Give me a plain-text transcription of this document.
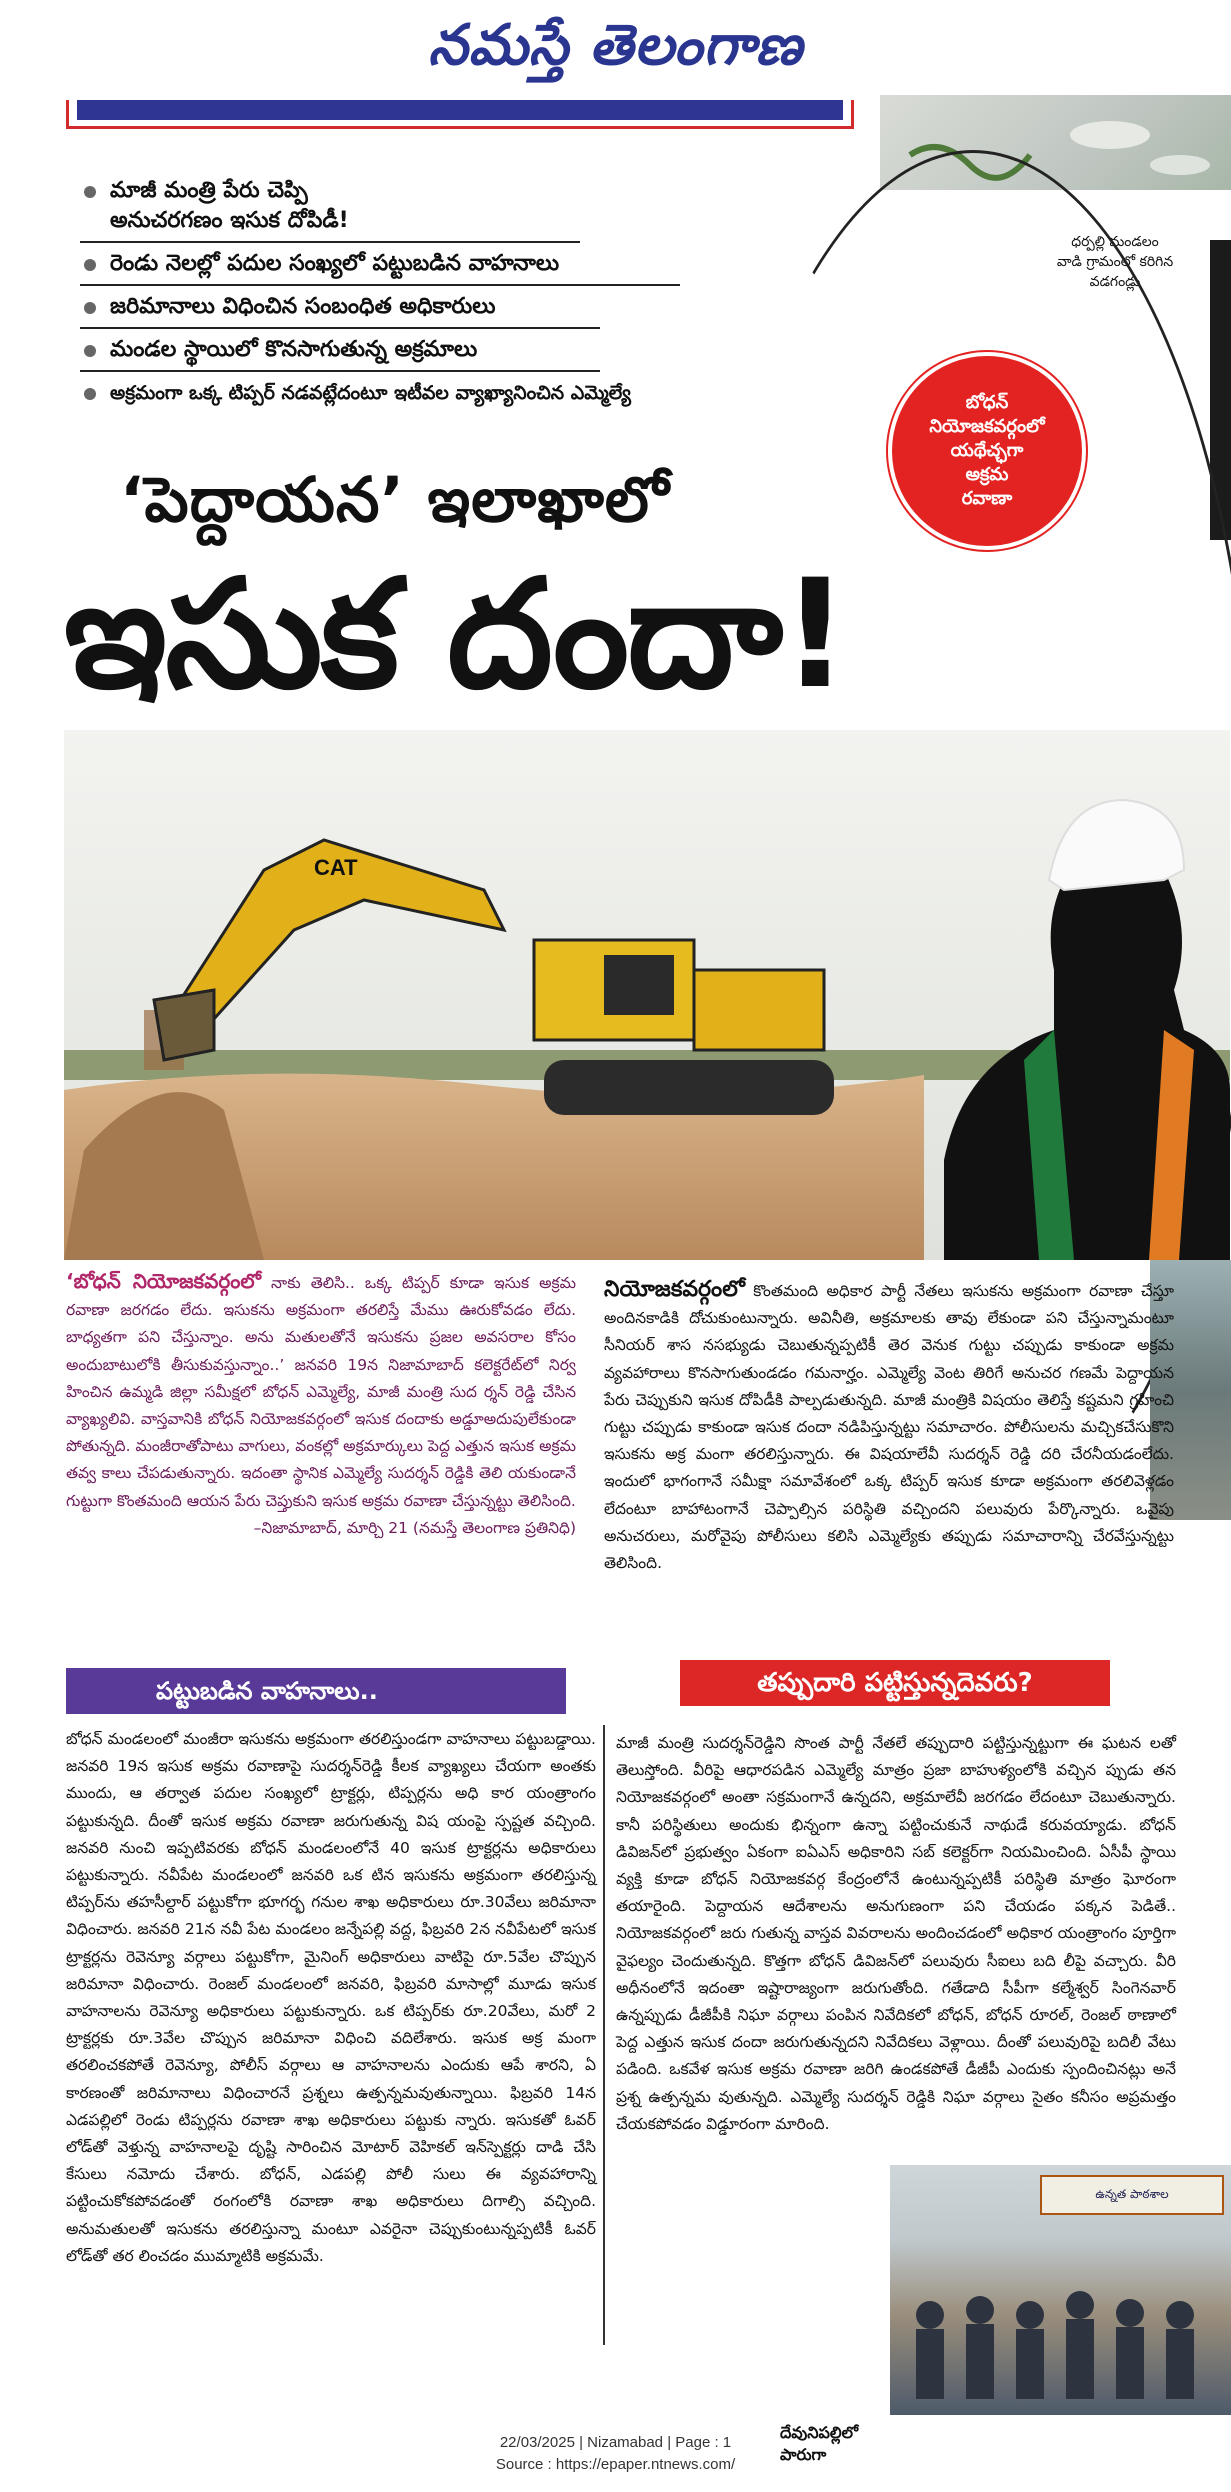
నమస్తే తెలంగాణ
ధర్పల్లి మండలం
వాడి గ్రామంలో కరిగిన
వడగండ్లు
మాజీ మంత్రి పేరు చెప్పి
అనుచరగణం ఇసుక దోపిడీ!
రెండు నెలల్లో పదుల సంఖ్యలో పట్టుబడిన వాహనాలు
జరిమానాలు విధించిన సంబంధిత అధికారులు
మండల స్థాయిలో కొనసాగుతున్న అక్రమాలు
అక్రమంగా ఒక్క టిప్పర్ నడవట్లేదంటూ ఇటీవల వ్యాఖ్యానించిన ఎమ్మెల్యే	బోధన్
నియోజకవర్గంలో
యథేచ్ఛగా
అక్రమ
రవాణా
‘పెద్దాయన’ ఇలాఖాలో
ఇసుక దందా!
CAT
‘బోధన్ నియోజకవర్గంలో నాకు తెలిసి.. ఒక్క టిప్పర్ కూడా ఇసుక అక్రమ రవాణా జరగడం లేదు. ఇసుకను అక్రమంగా తరలిస్తే మేము ఊరుకోవడం లేదు. బాధ్యతగా పని చేస్తున్నాం. అను మతులతోనే ఇసుకను ప్రజల అవసరాల కోసం అందుబాటులోకి తీసుకువస్తున్నాం..’ జనవరి 19న నిజామాబాద్ కలెక్టరేట్‌లో నిర్వ హించిన ఉమ్మడి జిల్లా సమీక్షలో బోధన్ ఎమ్మెల్యే, మాజీ మంత్రి సుద ర్శన్ రెడ్డి చేసిన వ్యాఖ్యలివి. వాస్తవానికి బోధన్ నియోజకవర్గంలో ఇసుక దందాకు అడ్డూఅదుపులేకుండా పోతున్నది. మంజీరాతోపాటు వాగులు, వంకల్లో అక్రమార్కులు పెద్ద ఎత్తున ఇసుక అక్రమ తవ్వ కాలు చేపడుతున్నారు. ఇదంతా స్థానిక ఎమ్మెల్యే సుదర్శన్ రెడ్డికి తెలి యకుండానే గుట్టుగా కొంతమంది ఆయన పేరు చెప్తుకుని ఇసుక అక్రమ రవాణా చేస్తున్నట్టు తెలిసింది.
–నిజామాబాద్, మార్చి 21 (నమస్తే తెలంగాణ ప్రతినిధి)
నియోజకవర్గంలో కొంతమంది అధికార పార్టీ నేతలు ఇసుకను అక్రమంగా రవాణా చేస్తూ అందినకాడికి దోచుకుంటున్నారు. అవినీతి, అక్రమాలకు తావు లేకుండా పని చేస్తున్నామంటూ సీనియర్ శాస నసభ్యుడు చెబుతున్నప్పటికీ తెర వెనుక గుట్టు చప్పుడు కాకుండా అక్రమ వ్యవహారాలు కొనసాగుతుండడం గమనార్హం. ఎమ్మెల్యే వెంట తిరిగే అనుచర గణమే పెద్దాయన పేరు చెప్పుకుని ఇసుక దోపిడీకి పాల్పడుతున్నది. మాజీ మంత్రికి విషయం తెలిస్తే కష్టమని గ్రహించి గుట్టు చప్పుడు కాకుండా ఇసుక దందా నడిపిస్తున్నట్టు సమాచారం. పోలీసులను మచ్చికచేసుకొని ఇసుకను అక్ర మంగా తరలిస్తున్నారు. ఈ విషయాలేవీ సుదర్శన్ రెడ్డి దరి చేరనీయడంలేదు. ఇందులో భాగంగానే సమీక్షా సమావేశంలో ఒక్క టిప్పర్ ఇసుక కూడా అక్రమంగా తరలివెళ్లడం లేదంటూ బాహాటంగానే చెప్పాల్సిన పరిస్థితి వచ్చిందని పలువురు పేర్కొన్నారు. ఒవైపు అనుచరులు, మరోవైపు పోలీసులు కలిసి ఎమ్మెల్యేకు తప్పుడు సమాచారాన్ని చేరవేస్తున్నట్టు తెలిసింది.
పట్టుబడిన వాహనాలు..	తప్పుదారి పట్టిస్తున్నదెవరు?
బోధన్ మండలంలో మంజీరా ఇసుకను అక్రమంగా తరలిస్తుండగా వాహనాలు పట్టుబడ్డాయి. జనవరి 19న ఇసుక అక్రమ రవాణాపై సుదర్శన్‌రెడ్డి కీలక వ్యాఖ్యలు చేయగా అంతకు ముందు, ఆ తర్వాత పదుల సంఖ్యలో ట్రాక్టర్లు, టిప్పర్లను అధి కార యంత్రాంగం పట్టుకున్నది. దీంతో ఇసుక అక్రమ రవాణా జరుగుతున్న విష యంపై స్పష్టత వచ్చింది. జనవరి నుంచి ఇప్పటివరకు బోధన్ మండలంలోనే 40 ఇసుక ట్రాక్టర్లను అధికారులు పట్టుకున్నారు. నవీపేట మండలంలో జనవరి ఒక టిన ఇసుకను అక్రమంగా తరలిస్తున్న టిప్పర్‌ను తహసీల్దార్ పట్టుకోగా భూగర్భ గనుల శాఖ అధికారులు రూ.30వేలు జరిమానా విధించారు. జనవరి 21న నవీ పేట మండలం జన్నేపల్లి వద్ద, ఫిబ్రవరి 2న నవీపేటలో ఇసుక ట్రాక్టర్లను రెవెన్యూ వర్గాలు పట్టుకోగా, మైనింగ్ అధికారులు వాటిపై రూ.5వేల చొప్పున జరిమానా విధించారు. రెంజల్ మండలంలో జనవరి, ఫిబ్రవరి మాసాల్లో మూడు ఇసుక వాహనాలను రెవెన్యూ అధికారులు పట్టుకున్నారు. ఒక టిప్పర్‌కు రూ.20వేలు, మరో 2 ట్రాక్టర్లకు రూ.3వేల చొప్పున జరిమానా విధించి వదిలేశారు. ఇసుక అక్ర మంగా తరలించకపోతే రెవెన్యూ, పోలీస్ వర్గాలు ఆ వాహనాలను ఎందుకు ఆపే శారని, ఏ కారణంతో జరిమానాలు విధించారనే ప్రశ్నలు ఉత్పన్నమవుతున్నాయి. ఫిబ్రవరి 14న ఎడపల్లిలో రెండు టిప్పర్లను రవాణా శాఖ అధికారులు పట్టుకు న్నారు. ఇసుకతో ఓవర్ లోడ్‌తో వెళ్తున్న వాహనాలపై దృష్టి సారించిన మోటార్ వెహికల్ ఇన్‌స్పెక్టర్లు దాడి చేసి కేసులు నమోదు చేశారు. బోధన్, ఎడపల్లి పోలీ సులు ఈ వ్యవహారాన్ని పట్టించుకోకపోవడంతో రంగంలోకి రవాణా శాఖ అధికారులు దిగాల్సి వచ్చింది. అనుమతులతో ఇసుకను తరలిస్తున్నా మంటూ ఎవరైనా చెప్పుకుంటున్నప్పటికీ ఓవర్ లోడ్‌తో తర లించడం ముమ్మాటికి అక్రమమే.
మాజీ మంత్రి సుదర్శన్‌రెడ్డిని సొంత పార్టీ నేతలే తప్పుదారి పట్టిస్తున్నట్టుగా ఈ ఘటన లతో తెలుస్తోంది. వీరిపై ఆధారపడిన ఎమ్మెల్యే మాత్రం ప్రజా బాహుళ్యంలోకి వచ్చిన ప్పుడు తన నియోజకవర్గంలో అంతా సక్రమంగానే ఉన్నదని, అక్రమాలేవీ జరగడం లేదంటూ చెబుతున్నారు. కానీ పరిస్థితులు అందుకు భిన్నంగా ఉన్నా పట్టించుకునే నాథుడే కరువయ్యాడు. బోధన్ డివిజన్‌లో ప్రభుత్వం ఏకంగా ఐఏఎస్ అధికారిని సబ్ కలెక్టర్‌గా నియమించింది. ఏసీపీ స్థాయి వ్యక్తి కూడా బోధన్ నియోజకవర్గ కేంద్రంలోనే ఉంటున్నప్పటికీ పరిస్థితి మాత్రం ఘోరంగా తయారైంది. పెద్దాయన ఆదేశాలను అనుగుణంగా పని చేయడం పక్కన పెడితే.. నియోజకవర్గంలో జరు గుతున్న వాస్తవ వివరాలను అందించడంలో అధికార యంత్రాంగం పూర్తిగా వైఫల్యం చెందుతున్నది. కొత్తగా బోధన్ డివిజన్‌లో పలువురు సీఐలు బది లీపై వచ్చారు. వీరి అధీనంలోనే ఇదంతా ఇష్టారాజ్యంగా జరుగుతోంది. గతేడాది సీపీగా కల్మేశ్వర్ సింగెనవార్ ఉన్నప్పుడు డీజీపీకి నిఘా వర్గాలు పంపిన నివేదికలో బోధన్, బోధన్ రూరల్, రెంజల్ ఠాణాలో పెద్ద ఎత్తున ఇసుక దందా జరుగుతున్నదని నివేదికలు వెళ్లాయి. దీంతో పలువురిపై బదిలీ వేటు పడింది. ఒకవేళ ఇసుక అక్రమ రవాణా జరిగి ఉండకపోతే డీజీపీ ఎందుకు స్పందించినట్లు అనే ప్రశ్న ఉత్పన్నమ వుతున్నది. ఎమ్మెల్యే సుదర్శన్ రెడ్డికి నిఘా వర్గాలు సైతం కనీసం అప్రమత్తం చేయకపోవడం విడ్డూరంగా మారింది.
ఉన్నత పాఠశాల
దేవునిపల్లిలో
పారుగా
22/03/2025 | Nizamabad | Page : 1
Source : https://epaper.ntnews.com/
